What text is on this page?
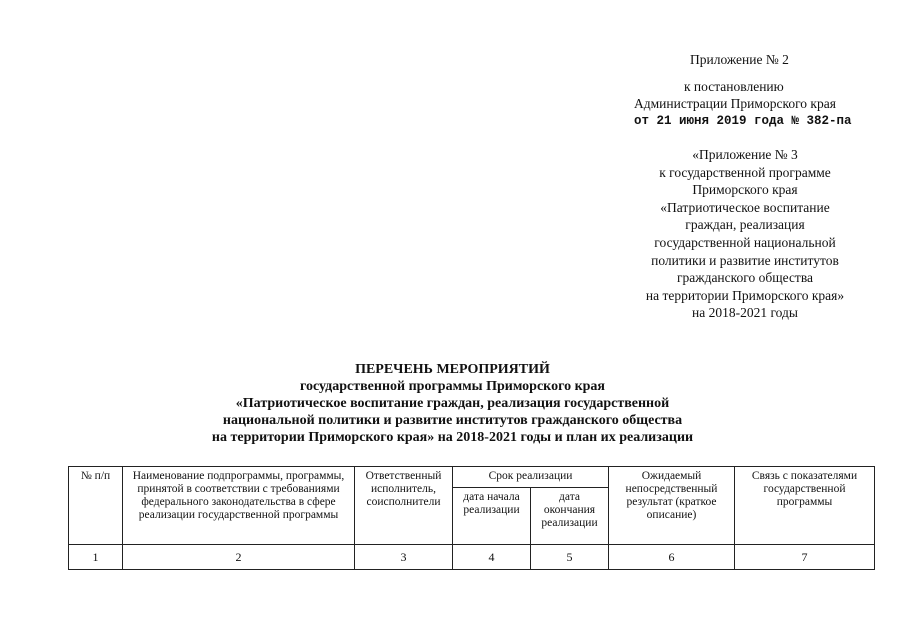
Приложение № 2
к постановлению
Администрации Приморского края
от 21 июня 2019 года № 382-па
«Приложение № 3
к государственной программе
Приморского края
«Патриотическое воспитание
граждан, реализация
государственной национальной
политики и развитие институтов
гражданского общества
на территории Приморского края»
на 2018-2021 годы
ПЕРЕЧЕНЬ МЕРОПРИЯТИЙ
государственной программы Приморского края
«Патриотическое воспитание граждан, реализация государственной
национальной политики и развитие институтов гражданского общества
на территории Приморского края» на 2018-2021 годы и план их реализации
№ п/п	Наименование подпрограммы, программы, принятой в соответствии с требованиями федерального законодательства в сфере реализации государственной программы	Ответственный исполнитель, соисполнители	Срок реализации		Ожидаемый непосредственный результат (краткое описание)	Связь с показателями государственной программы
			дата начала реализации	дата окончания реализации		
1	2	3	4	5	6	7
